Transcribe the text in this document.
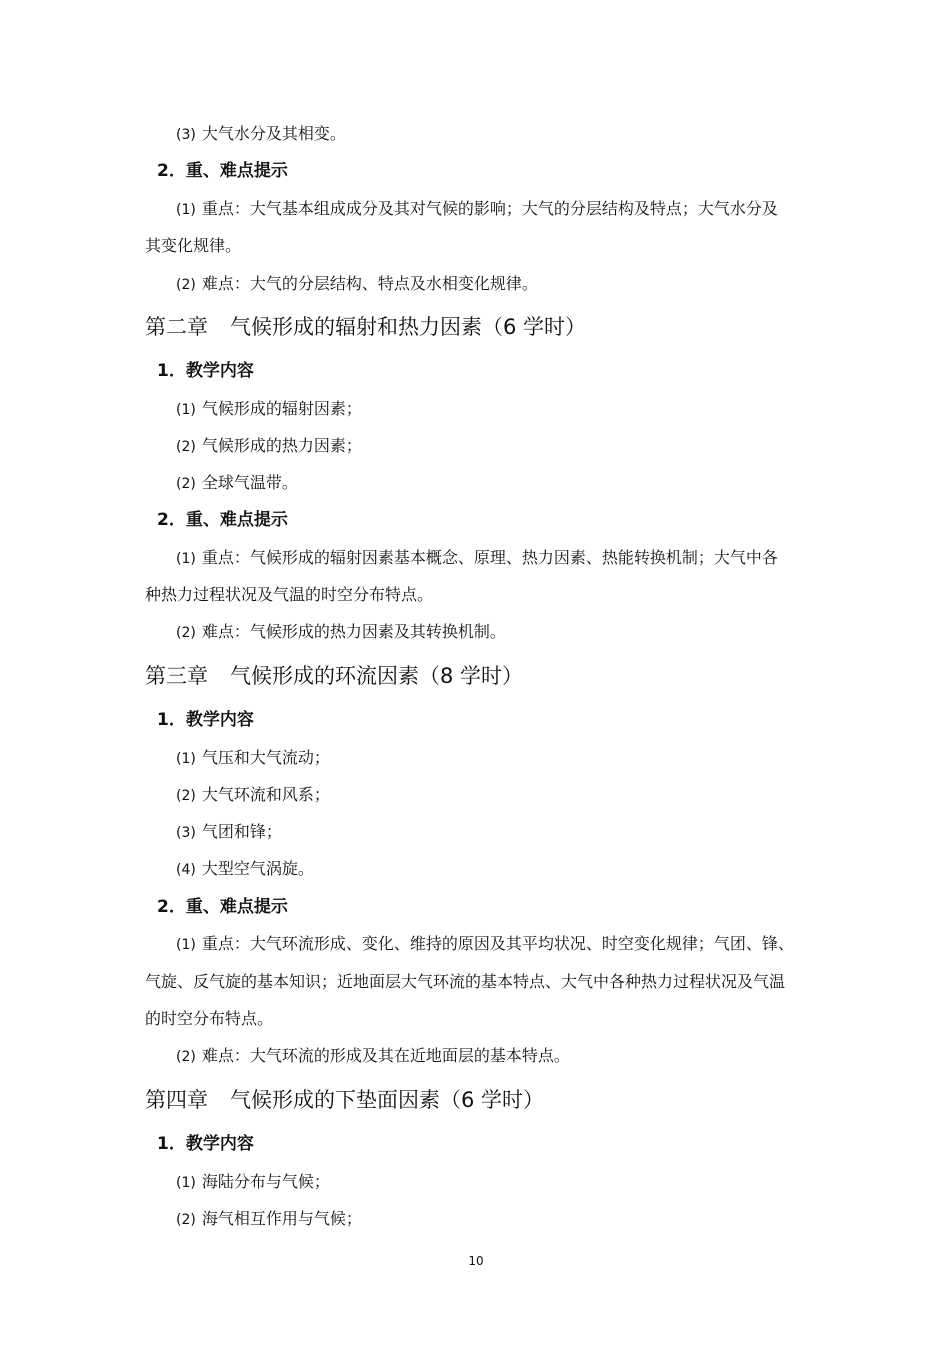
(3) 大气水分及其相变。
2．重、难点提示
(1) 重点：大气基本组成成分及其对气候的影响；大气的分层结构及特点；大气水分及
其变化规律。
(2) 难点：大气的分层结构、特点及水相变化规律。
第二章 气候形成的辐射和热力因素（6 学时）
1．教学内容
(1) 气候形成的辐射因素；
(2) 气候形成的热力因素；
(2) 全球气温带。
2．重、难点提示
(1) 重点：气候形成的辐射因素基本概念、原理、热力因素、热能转换机制；大气中各
种热力过程状况及气温的时空分布特点。
(2) 难点：气候形成的热力因素及其转换机制。
第三章 气候形成的环流因素（8 学时）
1．教学内容
(1) 气压和大气流动；
(2) 大气环流和风系；
(3) 气团和锋；
(4) 大型空气涡旋。
2．重、难点提示
(1) 重点：大气环流形成、变化、维持的原因及其平均状况、时空变化规律；气团、锋、
气旋、反气旋的基本知识；近地面层大气环流的基本特点、大气中各种热力过程状况及气温
的时空分布特点。
(2) 难点：大气环流的形成及其在近地面层的基本特点。
第四章 气候形成的下垫面因素（6 学时）
1．教学内容
(1) 海陆分布与气候；
(2) 海气相互作用与气候；
10
